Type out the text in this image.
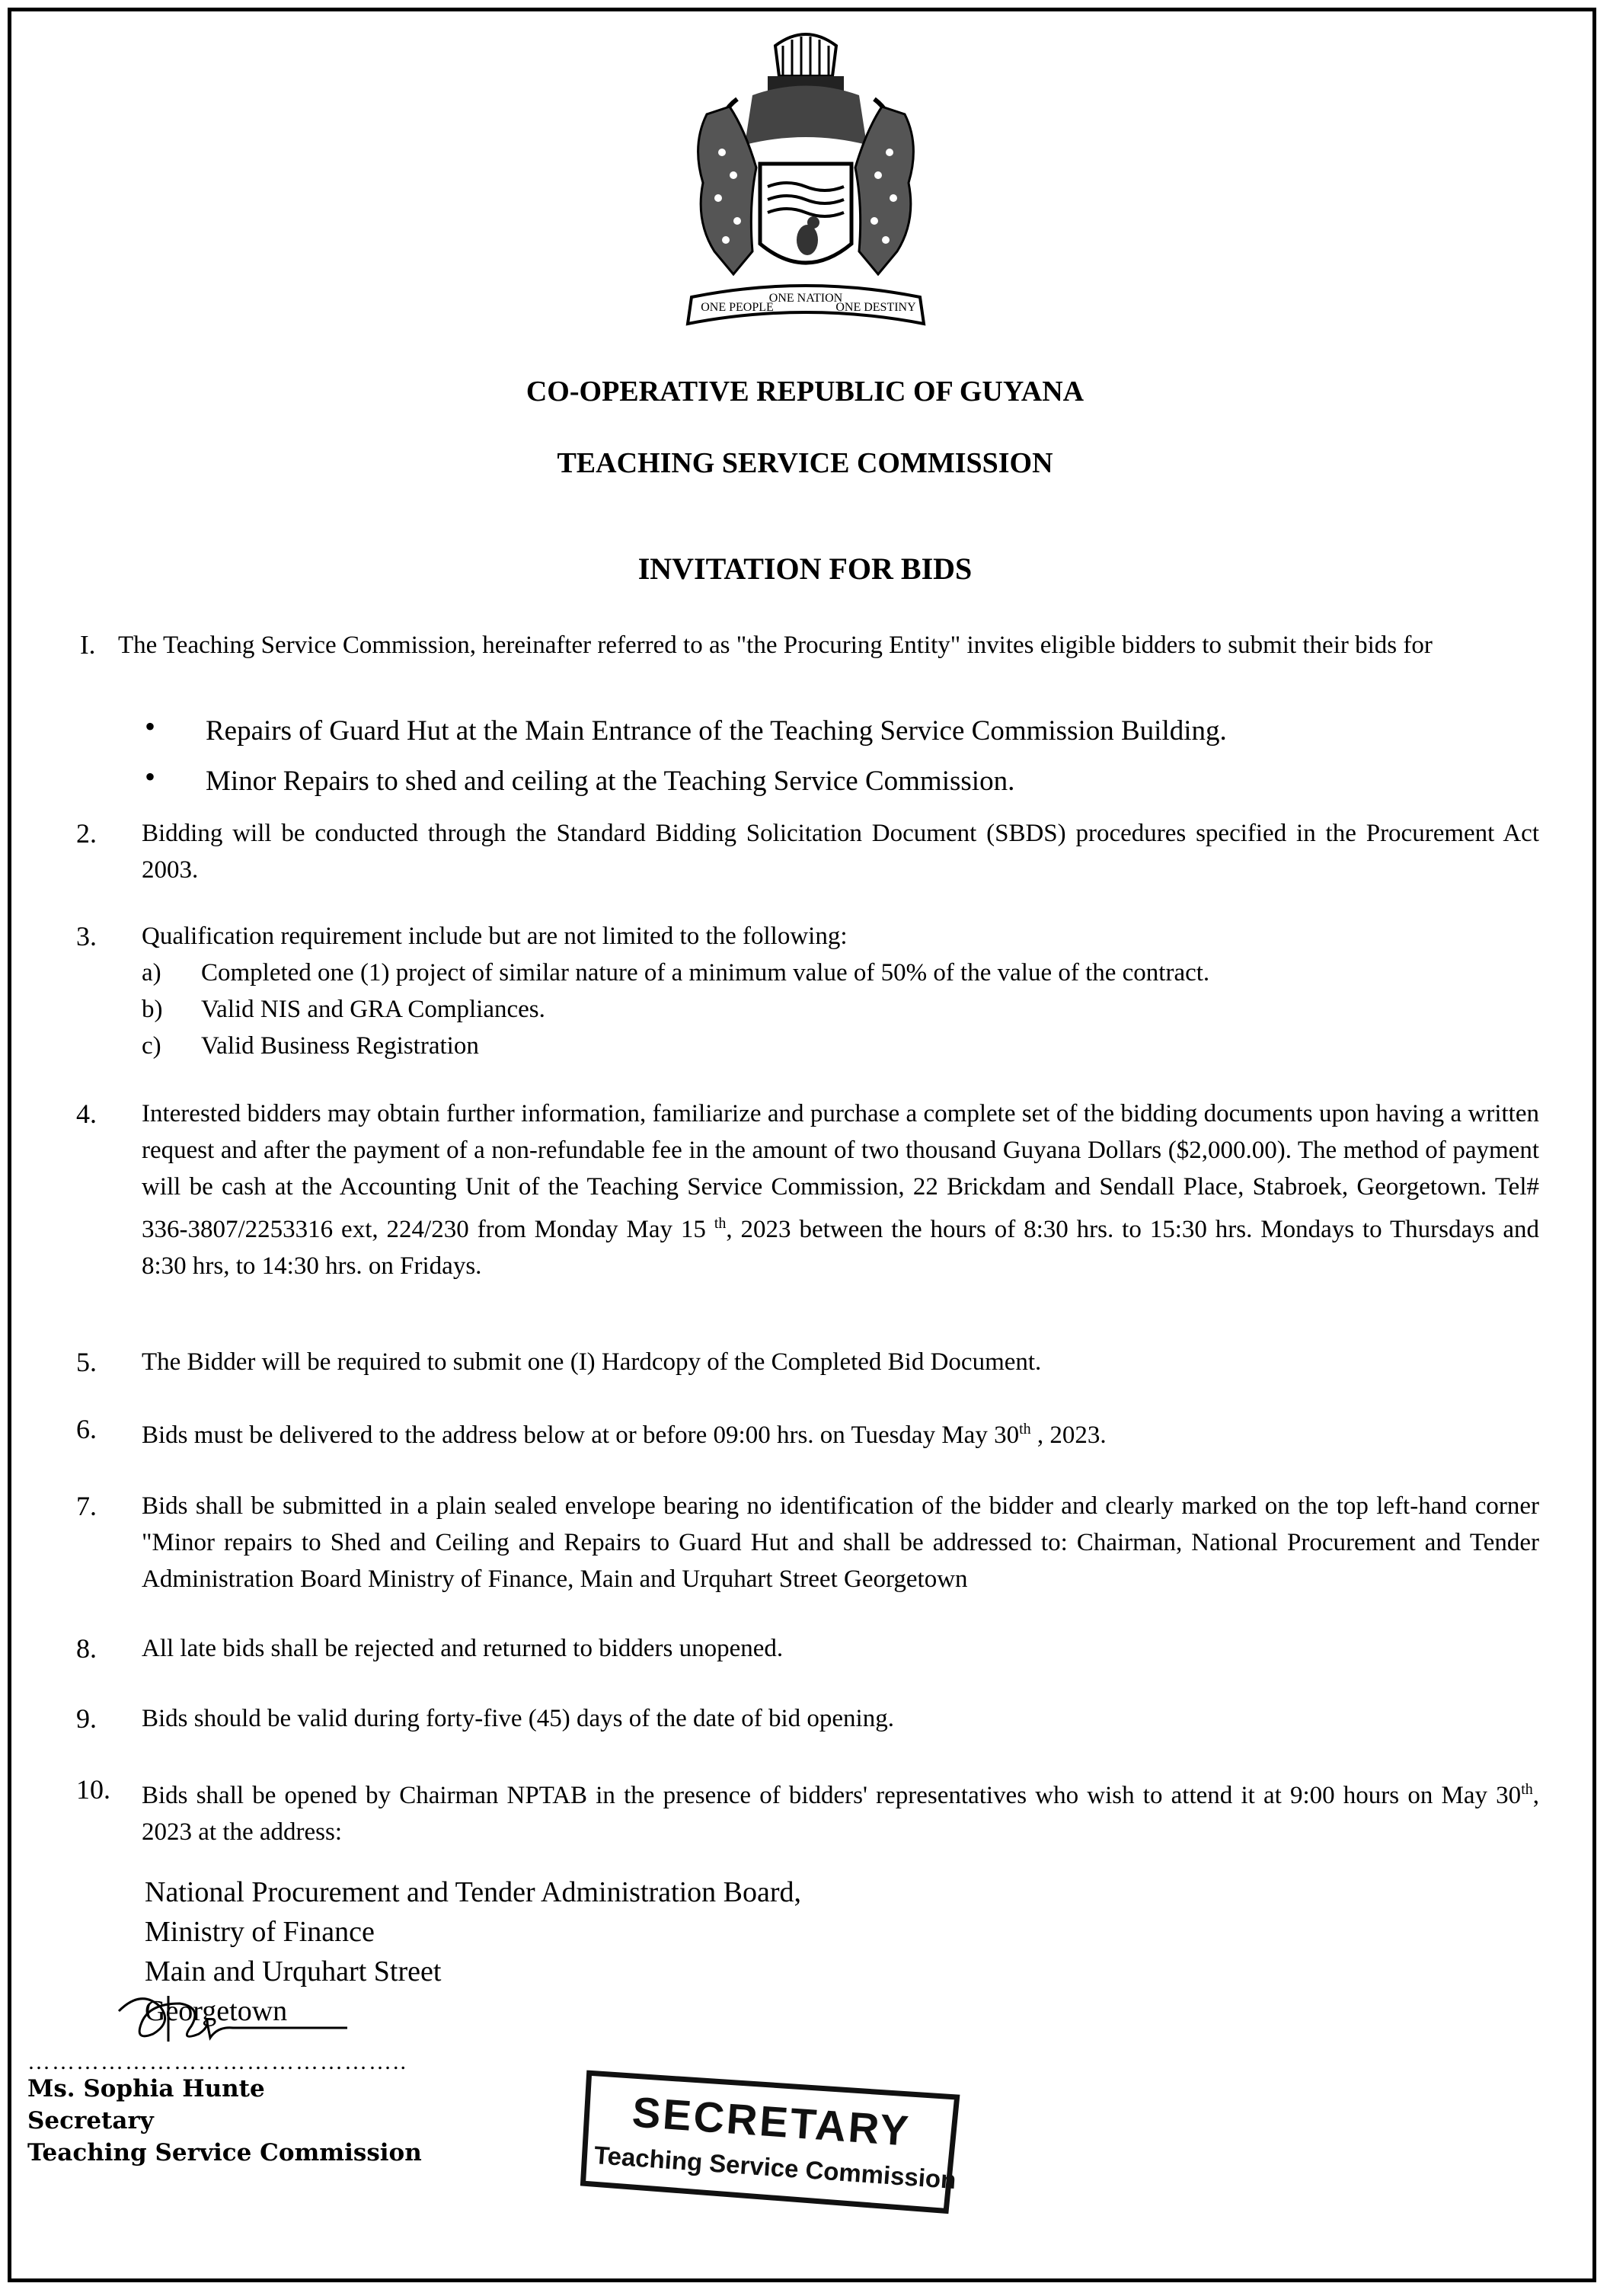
ONE PEOPLE
ONE NATION
ONE DESTINY
CO-OPERATIVE REPUBLIC OF GUYANA
TEACHING SERVICE COMMISSION
INVITATION FOR BIDS
I. The Teaching Service Commission, hereinafter referred to as "the Procuring Entity" invites eligible bidders to submit their bids for
• Repairs of Guard Hut at the Main Entrance of the Teaching Service Commission Building.
• Minor Repairs to shed and ceiling at the Teaching Service Commission.
2. Bidding will be conducted through the Standard Bidding Solicitation Document (SBDS) procedures specified in the Procurement Act 2003.
3. Qualification requirement include but are not limited to the following:
a) Completed one (1) project of similar nature of a minimum value of 50% of the value of the contract.
b) Valid NIS and GRA Compliances.
c) Valid Business Registration
4. Interested bidders may obtain further information, familiarize and purchase a complete set of the bidding documents upon having a written request and after the payment of a non-refundable fee in the amount of two thousand Guyana Dollars ($2,000.00). The method of payment will be cash at the Accounting Unit of the Teaching Service Commission, 22 Brickdam and Sendall Place, Stabroek, Georgetown. Tel# 336-3807/2253316 ext, 224/230 from Monday May 15 $^{th}$, 2023 between the hours of 8:30 hrs. to 15:30 hrs. Mondays to Thursdays and 8:30 hrs, to 14:30 hrs. on Fridays.
5. The Bidder will be required to submit one (I) Hardcopy of the Completed Bid Document.
6. Bids must be delivered to the address below at or before 09:00 hrs. on Tuesday May 30th , 2023.
7. Bids shall be submitted in a plain sealed envelope bearing no identification of the bidder and clearly marked on the top left-hand corner "Minor repairs to Shed and Ceiling and Repairs to Guard Hut and shall be addressed to: Chairman, National Procurement and Tender Administration Board Ministry of Finance, Main and Urquhart Street Georgetown
8. All late bids shall be rejected and returned to bidders unopened.
9. Bids should be valid during forty-five (45) days of the date of bid opening.
10. Bids shall be opened by Chairman NPTAB in the presence of bidders' representatives who wish to attend it at 9:00 hours on May 30th, 2023 at the address:
National Procurement and Tender Administration Board,
Ministry of Finance
Main and Urquhart Street
Georgetown
………………………………………..
Ms. Sophia Hunte
Secretary
Teaching Service Commission	SECRETARY
Teaching Service Commission
